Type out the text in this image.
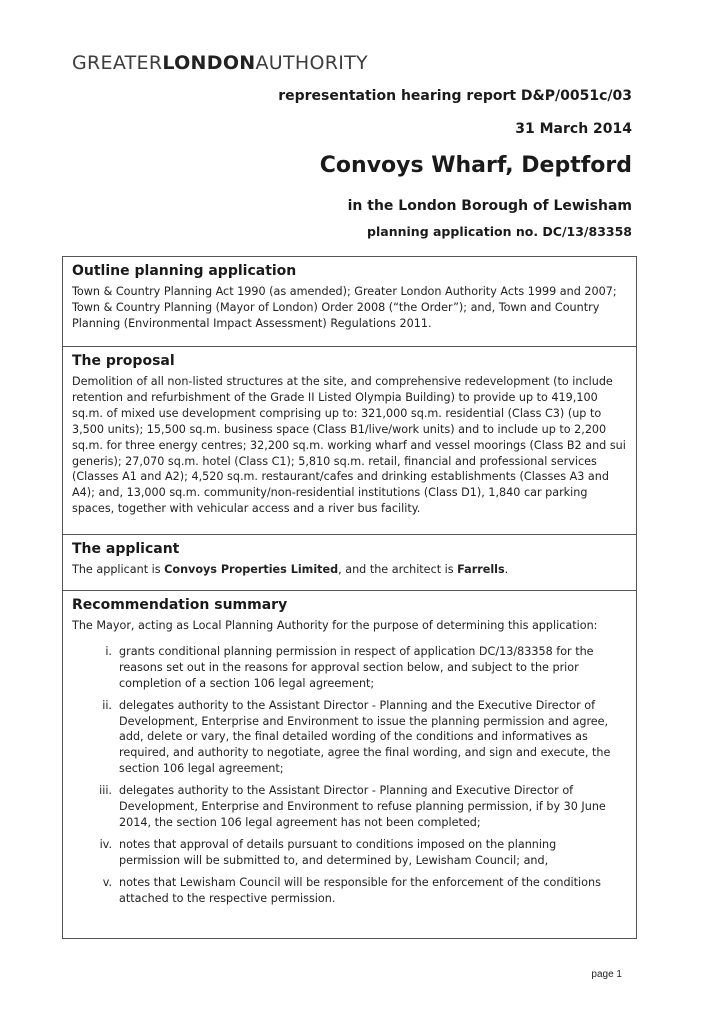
GREATERLONDONAUTHORITY
representation hearing report D&P/0051c/03
31 March 2014
Convoys Wharf, Deptford
in the London Borough of Lewisham
planning application no. DC/13/83358
Outline planning application

Town & Country Planning Act 1990 (as amended); Greater London Authority Acts 1999 and 2007; Town & Country Planning (Mayor of London) Order 2008 (“the Order”); and, Town and Country Planning (Environmental Impact Assessment) Regulations 2011.

The proposal

Demolition of all non-listed structures at the site, and comprehensive redevelopment (to include retention and refurbishment of the Grade II Listed Olympia Building) to provide up to 419,100 sq.m. of mixed use development comprising up to: 321,000 sq.m. residential (Class C3) (up to 3,500 units); 15,500 sq.m. business space (Class B1/live/work units) and to include up to 2,200 sq.m. for three energy centres; 32,200 sq.m. working wharf and vessel moorings (Class B2 and sui generis); 27,070 sq.m. hotel (Class C1); 5,810 sq.m. retail, financial and professional services (Classes A1 and A2); 4,520 sq.m. restaurant/cafes and drinking establishments (Classes A3 and A4); and, 13,000 sq.m. community/non-residential institutions (Class D1), 1,840 car parking spaces, together with vehicular access and a river bus facility.

The applicant

The applicant is Convoys Properties Limited, and the architect is Farrells.

Recommendation summary

The Mayor, acting as Local Planning Authority for the purpose of determining this application:

i. grants conditional planning permission in respect of application DC/13/83358 for the reasons set out in the reasons for approval section below, and subject to the prior completion of a section 106 legal agreement;
ii. delegates authority to the Assistant Director - Planning and the Executive Director of Development, Enterprise and Environment to issue the planning permission and agree, add, delete or vary, the final detailed wording of the conditions and informatives as required, and authority to negotiate, agree the final wording, and sign and execute, the section 106 legal agreement;
iii. delegates authority to the Assistant Director - Planning and Executive Director of Development, Enterprise and Environment to refuse planning permission, if by 30 June 2014, the section 106 legal agreement has not been completed;
iv. notes that approval of details pursuant to conditions imposed on the planning permission will be submitted to, and determined by, Lewisham Council; and,
v. notes that Lewisham Council will be responsible for the enforcement of the conditions attached to the respective permission.
page 1
